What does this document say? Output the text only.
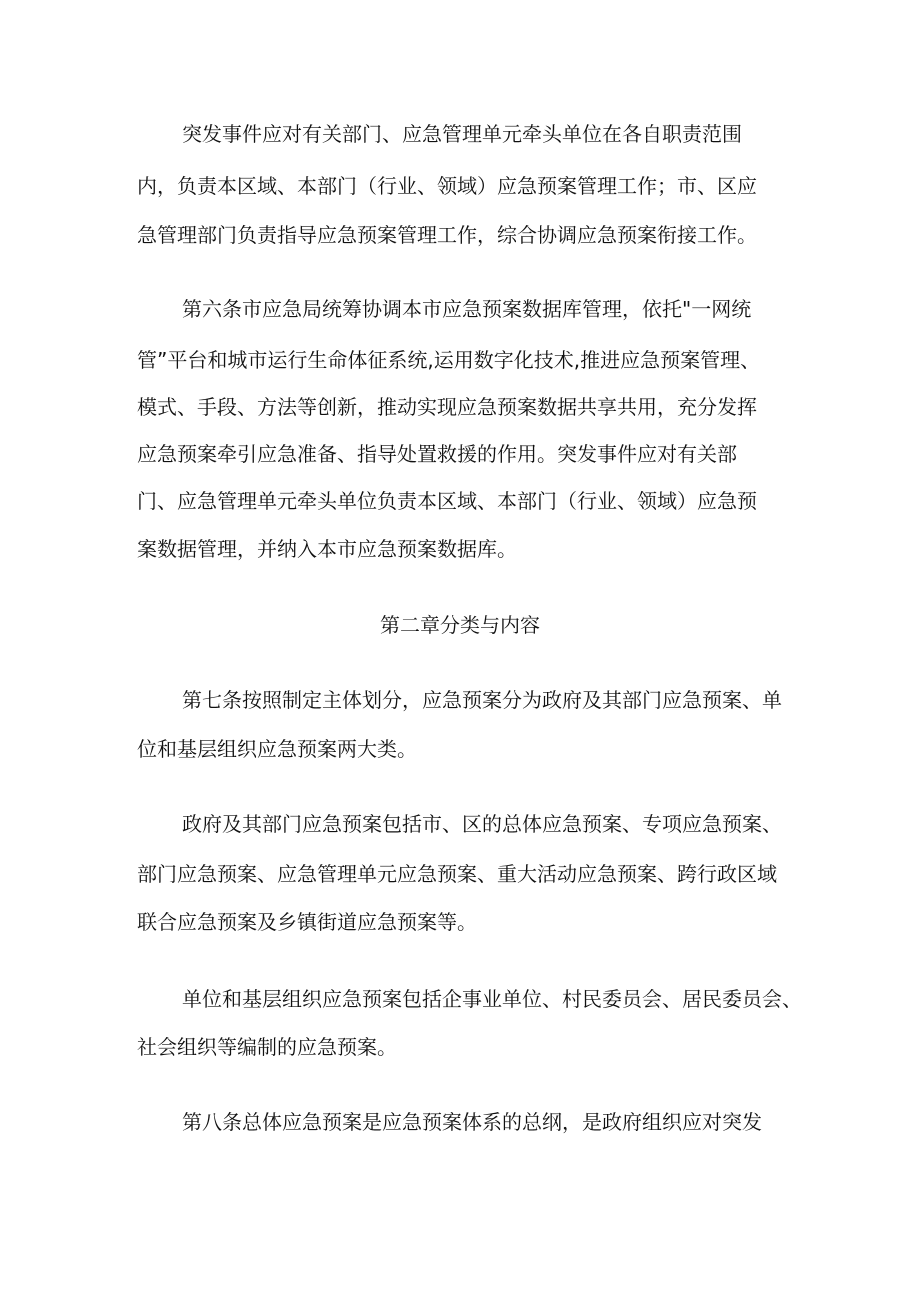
突发事件应对有关部门、应急管理单元牵头单位在各自职责范围

内，负责本区域、本部门（行业、领域）应急预案管理工作；市、区应

急管理部门负责指导应急预案管理工作，综合协调应急预案衔接工作。

第六条市应急局统筹协调本市应急预案数据库管理，依托"一网统

管”平台和城市运行生命体征系统,运用数字化技术,推进应急预案管理、

模式、手段、方法等创新，推动实现应急预案数据共享共用，充分发挥

应急预案牵引应急准备、指导处置救援的作用。突发事件应对有关部

门、应急管理单元牵头单位负责本区域、本部门（行业、领域）应急预

案数据管理，并纳入本市应急预案数据库。

第二章分类与内容

第七条按照制定主体划分，应急预案分为政府及其部门应急预案、单

位和基层组织应急预案两大类。

政府及其部门应急预案包括市、区的总体应急预案、专项应急预案、

部门应急预案、应急管理单元应急预案、重大活动应急预案、跨行政区域

联合应急预案及乡镇街道应急预案等。

单位和基层组织应急预案包括企事业单位、村民委员会、居民委员会、

社会组织等编制的应急预案。

第八条总体应急预案是应急预案体系的总纲，是政府组织应对突发
